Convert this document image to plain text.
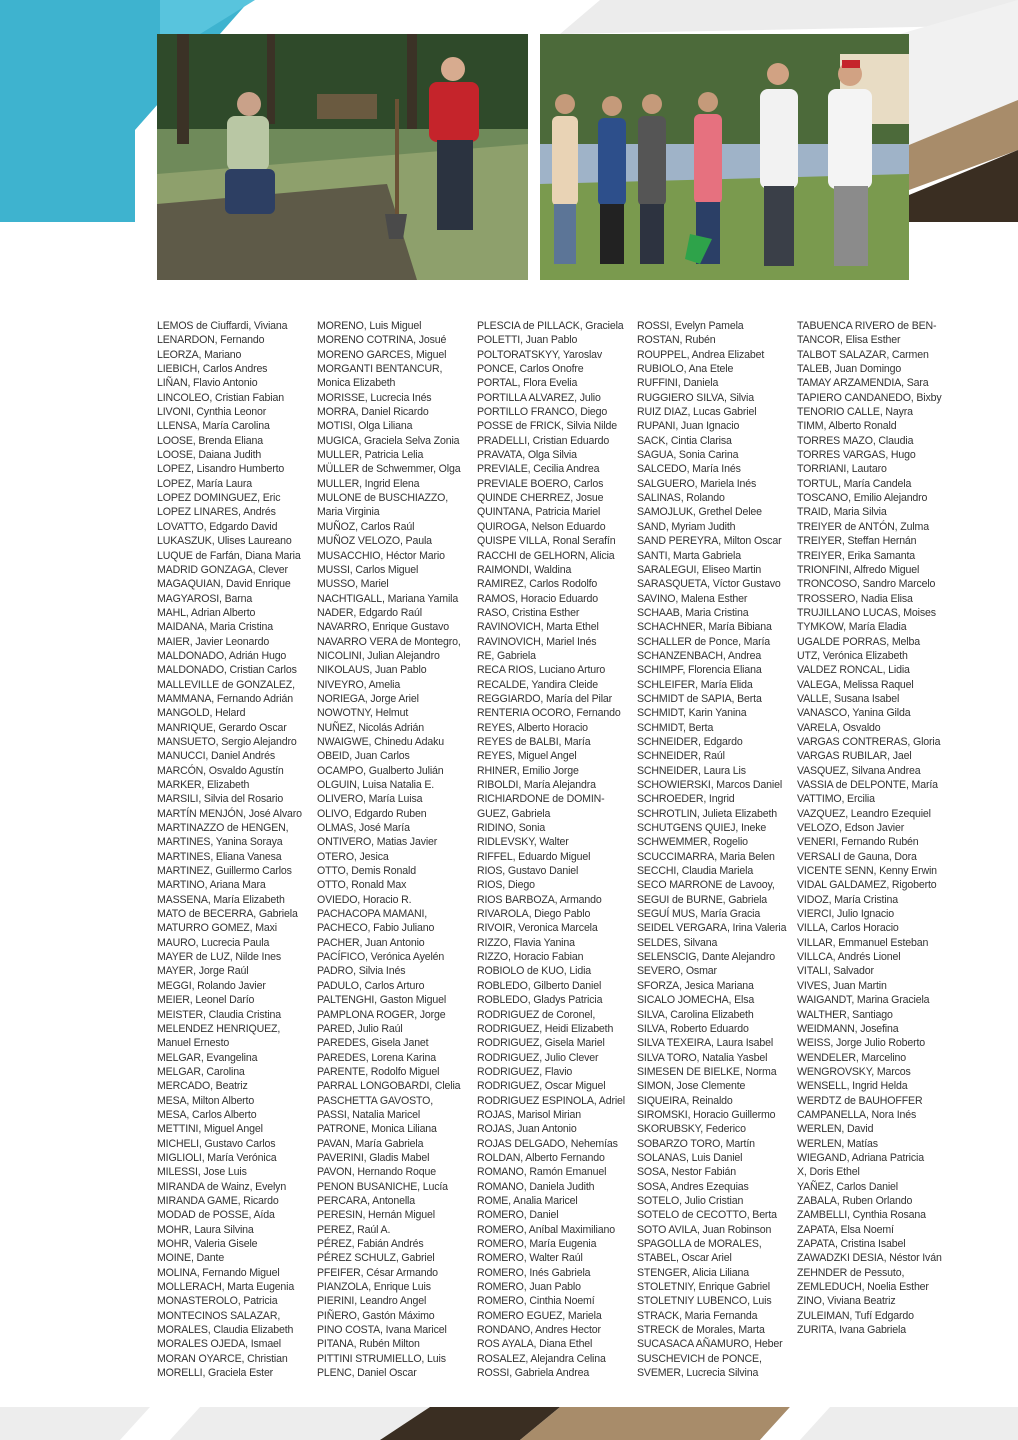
LEMOS de Ciuffardi, Viviana
LENARDON, Fernando
LEORZA, Mariano
LIEBICH, Carlos Andres
LIÑAN, Flavio Antonio
LINCOLEO, Cristian Fabian
LIVONI, Cynthia Leonor
LLENSA, María Carolina
LOOSE, Brenda Eliana
LOOSE, Daiana Judith
LOPEZ, Lisandro Humberto
LOPEZ, María Laura
LOPEZ DOMINGUEZ, Eric
LOPEZ LINARES, Andrés
LOVATTO, Edgardo David
LUKASZUK, Ulises Laureano
LUQUE de Farfán, Diana Maria
MADRID GONZAGA, Clever
MAGAQUIAN, David Enrique
MAGYAROSI, Barna
MAHL, Adrian Alberto
MAIDANA, Maria Cristina
MAIER, Javier Leonardo
MALDONADO, Adrián Hugo
MALDONADO, Cristian Carlos
MALLEVILLE de GONZALEZ,
MAMMANA, Fernando Adrián
MANGOLD, Helard
MANRIQUE, Gerardo Oscar
MANSUETO, Sergio Alejandro
MANUCCI, Daniel Andrés
MARCÓN, Osvaldo Agustín
MARKER, Elizabeth
MARSILI, Silvia del Rosario
MARTÍN MENJÓN, José Alvaro
MARTINAZZO de HENGEN,
MARTINES, Yanina Soraya
MARTINES, Eliana Vanesa
MARTINEZ, Guillermo Carlos
MARTINO, Ariana Mara
MASSENA, María Elizabeth
MATO de BECERRA, Gabriela
MATURRO GOMEZ, Maxi
MAURO, Lucrecia Paula
MAYER de LUZ, Nilde Ines
MAYER, Jorge Raúl
MEGGI, Rolando Javier
MEIER, Leonel Darío
MEISTER, Claudia Cristina
MELENDEZ HENRIQUEZ,
Manuel Ernesto
MELGAR, Evangelina
MELGAR, Carolina
MERCADO, Beatriz
MESA, Milton Alberto
MESA, Carlos Alberto
METTINI, Miguel Angel
MICHELI, Gustavo Carlos
MIGLIOLI, María Verónica
MILESSI, Jose Luis
MIRANDA de Wainz, Evelyn
MIRANDA GAME, Ricardo
MODAD de POSSE, Aída
MOHR, Laura Silvina
MOHR, Valeria Gisele
MOINE, Dante
MOLINA, Fernando Miguel
MOLLERACH, Marta Eugenia
MONASTEROLO, Patricia
MONTECINOS SALAZAR,
MORALES, Claudia Elizabeth
MORALES OJEDA, Ismael
MORAN OYARCE, Christian
MORELLI, Graciela Ester
MORENO, Luis Miguel
MORENO COTRINA, Josué
MORENO GARCES, Miguel
MORGANTI BENTANCUR,
Monica Elizabeth
MORISSE, Lucrecia Inés
MORRA, Daniel Ricardo
MOTISI, Olga Liliana
MUGICA, Graciela Selva Zonia
MULLER, Patricia Lelia
MÜLLER de Schwemmer, Olga
MULLER, Ingrid Elena
MULONE de BUSCHIAZZO,
Maria Virginia
MUÑOZ, Carlos Raúl
MUÑOZ VELOZO, Paula
MUSACCHIO, Héctor Mario
MUSSI, Carlos Miguel
MUSSO, Mariel
NACHTIGALL, Mariana Yamila
NADER, Edgardo Raúl
NAVARRO, Enrique Gustavo
NAVARRO VERA de Montegro,
NICOLINI, Julian Alejandro
NIKOLAUS, Juan Pablo
NIVEYRO, Amelia
NORIEGA, Jorge Ariel
NOWOTNY, Helmut
NUÑEZ, Nicolás Adrián
NWAIGWE, Chinedu Adaku
OBEID, Juan Carlos
OCAMPO, Gualberto Julián
OLGUIN, Luisa Natalia E.
OLIVERO, María Luisa
OLIVO, Edgardo Ruben
OLMAS, José María
ONTIVERO, Matias Javier
OTERO, Jesica
OTTO, Demis Ronald
OTTO, Ronald Max
OVIEDO, Horacio R.
PACHACOPA MAMANI,
PACHECO, Fabio Juliano
PACHER, Juan Antonio
PACÍFICO, Verónica Ayelén
PADRO, Silvia Inés
PADULO, Carlos Arturo
PALTENGHI, Gaston Miguel
PAMPLONA ROGER, Jorge
PARED, Julio Raúl
PAREDES, Gisela Janet
PAREDES, Lorena Karina
PARENTE, Rodolfo Miguel
PARRAL LONGOBARDI, Clelia
PASCHETTA GAVOSTO,
PASSI, Natalia Maricel
PATRONE, Monica Liliana
PAVAN, María Gabriela
PAVERINI, Gladis Mabel
PAVON, Hernando Roque
PENON BUSANICHE, Lucía
PERCARA, Antonella
PERESIN, Hernán Miguel
PEREZ, Raúl A.
PÉREZ, Fabián Andrés
PÉREZ SCHULZ, Gabriel
PFEIFER, César Armando
PIANZOLA, Enrique Luis
PIERINI, Leandro Angel
PIÑERO, Gastón Máximo
PINO COSTA, Ivana Maricel
PITANA, Rubén Milton
PITTINI STRUMIELLO, Luis
PLENC, Daniel Oscar
PLESCIA de PILLACK, Graciela
POLETTI, Juan Pablo
POLTORATSKYY, Yaroslav
PONCE, Carlos Onofre
PORTAL, Flora Evelia
PORTILLA ALVAREZ, Julio
PORTILLO FRANCO, Diego
POSSE de FRICK, Silvia Nilde
PRADELLI, Cristian Eduardo
PRAVATA, Olga Silvia
PREVIALE, Cecilia Andrea
PREVIALE BOERO, Carlos
QUINDE CHERREZ, Josue
QUINTANA, Patricia Mariel
QUIROGA, Nelson Eduardo
QUISPE VILLA, Ronal Serafín
RACCHI de GELHORN, Alicia
RAIMONDI, Waldina
RAMIREZ, Carlos Rodolfo
RAMOS, Horacio Eduardo
RASO, Cristina Esther
RAVINOVICH, Marta Ethel
RAVINOVICH, Mariel Inés
RE, Gabriela
RECA RIOS, Luciano Arturo
RECALDE, Yandira Cleide
REGGIARDO, María del Pilar
RENTERIA OCORO, Fernando
REYES, Alberto Horacio
REYES de BALBI, María
REYES, Miguel Angel
RHINER, Emilio Jorge
RIBOLDI, María Alejandra
RICHIARDONE de DOMIN-
GUEZ, Gabriela
RIDINO, Sonia
RIDLEVSKY, Walter
RIFFEL, Eduardo Miguel
RIOS, Gustavo Daniel
RIOS, Diego
RIOS BARBOZA, Armando
RIVAROLA, Diego Pablo
RIVOIR, Veronica Marcela
RIZZO, Flavia Yanina
RIZZO, Horacio Fabian
ROBIOLO de KUO, Lidia
ROBLEDO, Gilberto Daniel
ROBLEDO, Gladys Patricia
RODRIGUEZ de Coronel,
RODRIGUEZ, Heidi Elizabeth
RODRIGUEZ, Gisela Mariel
RODRIGUEZ, Julio Clever
RODRIGUEZ, Flavio
RODRIGUEZ, Oscar Miguel
RODRIGUEZ ESPINOLA, Adriel
ROJAS, Marisol Mirian
ROJAS, Juan Antonio
ROJAS DELGADO, Nehemías
ROLDAN, Alberto Fernando
ROMANO, Ramón Emanuel
ROMANO, Daniela Judith
ROME, Analia Maricel
ROMERO, Daniel
ROMERO, Aníbal Maximiliano
ROMERO, María Eugenia
ROMERO, Walter Raúl
ROMERO, Inés Gabriela
ROMERO, Juan Pablo
ROMERO, Cinthia Noemí
ROMERO EGUEZ, Mariela
RONDANO, Andres Hector
ROS AYALA, Diana Ethel
ROSALEZ, Alejandra Celina
ROSSI, Gabriela Andrea
ROSSI, Evelyn Pamela
ROSTAN, Rubén
ROUPPEL, Andrea Elizabet
RUBIOLO, Ana Etele
RUFFINI, Daniela
RUGGIERO SILVA, Silvia
RUIZ DIAZ, Lucas Gabriel
RUPANI, Juan Ignacio
SACK, Cintia Clarisa
SAGUA, Sonia Carina
SALCEDO, María Inés
SALGUERO, Mariela Inés
SALINAS, Rolando
SAMOJLUK, Grethel Delee
SAND, Myriam Judith
SAND PEREYRA, Milton Oscar
SANTI, Marta Gabriela
SARALEGUI, Eliseo Martin
SARASQUETA, Víctor Gustavo
SAVINO, Malena Esther
SCHAAB, Maria Cristina
SCHACHNER, María Bibiana
SCHALLER de Ponce, María
SCHANZENBACH, Andrea
SCHIMPF, Florencia Eliana
SCHLEIFER, María Elida
SCHMIDT de SAPIA, Berta
SCHMIDT, Karin Yanina
SCHMIDT, Berta
SCHNEIDER, Edgardo
SCHNEIDER, Raúl
SCHNEIDER, Laura Lis
SCHOWIERSKI, Marcos Daniel
SCHROEDER, Ingrid
SCHROTLIN, Julieta Elizabeth
SCHUTGENS QUIEJ, Ineke
SCHWEMMER, Rogelio
SCUCCIMARRA, Maria Belen
SECCHI, Claudia Mariela
SECO MARRONE de Lavooy,
SEGUI de BURNE, Gabriela
SEGUÍ MUS, María Gracia
SEIDEL VERGARA, Irina Valeria
SELDES, Silvana
SELENSCIG, Dante Alejandro
SEVERO, Osmar
SFORZA, Jesica Mariana
SICALO JOMECHA, Elsa
SILVA, Carolina Elizabeth
SILVA, Roberto Eduardo
SILVA TEXEIRA, Laura Isabel
SILVA TORO, Natalia Yasbel
SIMESEN DE BIELKE, Norma
SIMON, Jose Clemente
SIQUEIRA, Reinaldo
SIROMSKI, Horacio Guillermo
SKORUBSKY, Federico
SOBARZO TORO, Martín
SOLANAS, Luis Daniel
SOSA, Nestor Fabián
SOSA, Andres Ezequias
SOTELO, Julio Cristian
SOTELO de CECOTTO, Berta
SOTO AVILA, Juan Robinson
SPAGOLLA de MORALES,
STABEL, Oscar Ariel
STENGER, Alicia Liliana
STOLETNIY, Enrique Gabriel
STOLETNIY LUBENCO, Luis
STRACK, Maria Fernanda
STRECK de Morales, Marta
SUCASACA AÑAMURO, Heber
SUSCHEVICH de PONCE,
SVEMER, Lucrecia Silvina
TABUENCA RIVERO de BEN-
TANCOR, Elisa Esther
TALBOT SALAZAR, Carmen
TALEB, Juan Domingo
TAMAY ARZAMENDIA, Sara
TAPIERO CANDANEDO, Bixby
TENORIO CALLE, Nayra
TIMM, Alberto Ronald
TORRES MAZO, Claudia
TORRES VARGAS, Hugo
TORRIANI, Lautaro
TORTUL, María Candela
TOSCANO, Emilio Alejandro
TRAID, Maria Silvia
TREIYER de ANTÓN, Zulma
TREIYER, Steffan Hernán
TREIYER, Erika Samanta
TRIONFINI, Alfredo Miguel
TRONCOSO, Sandro Marcelo
TROSSERO, Nadia Elisa
TRUJILLANO LUCAS, Moises
TYMKOW, María Eladia
UGALDE PORRAS, Melba
UTZ, Verónica Elizabeth
VALDEZ RONCAL, Lidia
VALEGA, Melissa Raquel
VALLE, Susana Isabel
VANASCO, Yanina Gilda
VARELA, Osvaldo
VARGAS CONTRERAS, Gloria
VARGAS RUBILAR, Jael
VASQUEZ, Silvana Andrea
VASSIA de DELPONTE, María
VATTIMO, Ercilia
VAZQUEZ, Leandro Ezequiel
VELOZO, Edson Javier
VENERI, Fernando Rubén
VERSALI de Gauna, Dora
VICENTE SENN, Kenny Erwin
VIDAL GALDAMEZ, Rigoberto
VIDOZ, María Cristina
VIERCI, Julio Ignacio
VILLA, Carlos Horacio
VILLAR, Emmanuel Esteban
VILLCA, Andrés Lionel
VITALI, Salvador
VIVES, Juan Martin
WAIGANDT, Marina Graciela
WALTHER, Santiago
WEIDMANN, Josefina
WEISS, Jorge Julio Roberto
WENDELER, Marcelino
WENGROVSKY, Marcos
WENSELL, Ingrid Helda
WERDTZ de BAUHOFFER
CAMPANELLA, Nora Inés
WERLEN, David
WERLEN, Matías
WIEGAND, Adriana Patricia
X, Doris Ethel
YAÑEZ, Carlos Daniel
ZABALA, Ruben Orlando
ZAMBELLI, Cynthia Rosana
ZAPATA, Elsa Noemí
ZAPATA, Cristina Isabel
ZAWADZKI DESIA, Néstor Iván
ZEHNDER de Pessuto,
ZEMLEDUCH, Noelia Esther
ZINO, Viviana Beatriz
ZULEIMAN, Tufí Edgardo
ZURITA, Ivana Gabriela
